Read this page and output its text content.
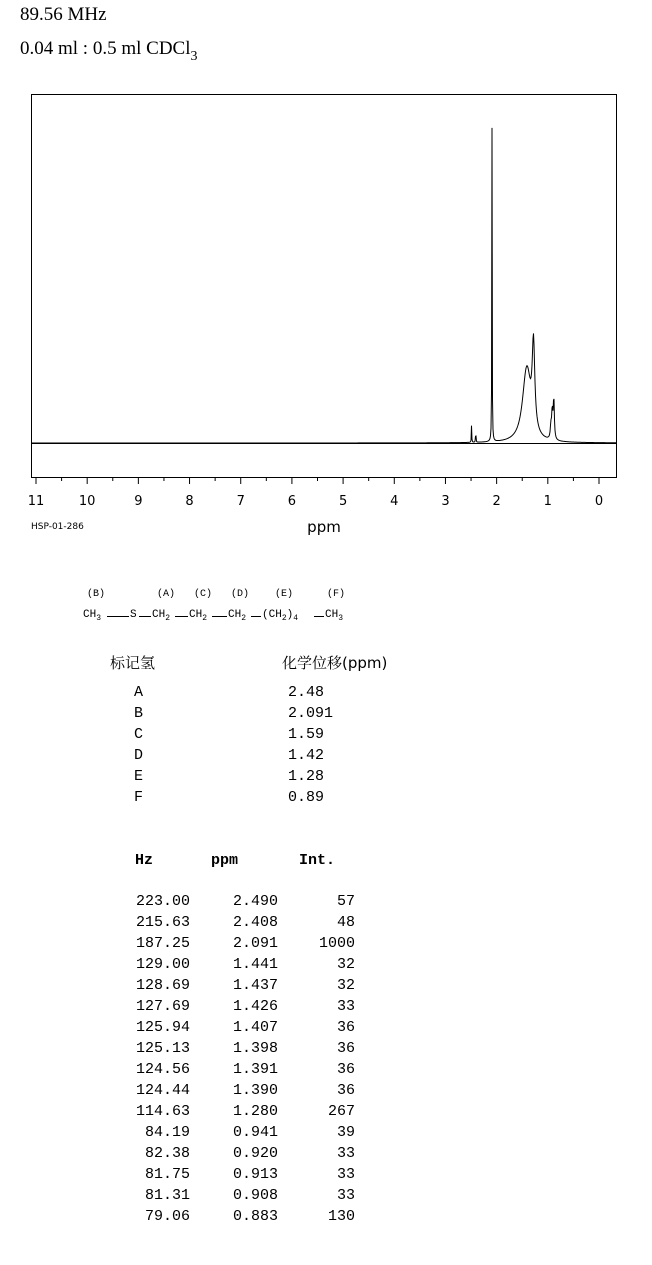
89.56 MHz
0.04 ml : 0.5 ml CDCl$_3$
11	10	9	8	7	6	5	4	3	2	1	0
ppm
HSP-01-286
(B)	(A) (C) (D)	(E)	(F)
$CH_3$	S $CH_2$ $CH_2$ $CH_2$ $(CH_2)_4$ $CH_3$
标记氢	化学位移(ppm)
A	2.48
B	2.091
C	1.59
D	1.42
E	1.28
F	0.89
Hz	ppm	Int.
223.00	2.490	57
215.63	2.408	48
187.25	2.091	1000
129.00	1.441	32
128.69	1.437	32
127.69	1.426	33
125.94	1.407	36
125.13	1.398	36
124.56	1.391	36
124.44	1.390	36
114.63	1.280	267
84.19	0.941	39
82.38	0.920	33
81.75	0.913	33
81.31	0.908	33
79.06	0.883	130
